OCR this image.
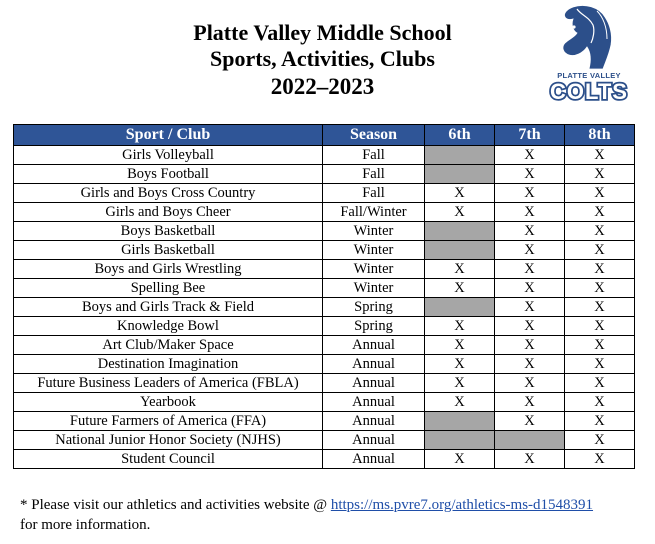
Platte Valley Middle School
Sports, Activities, Clubs
2022–2023	PLATTE VALLEY
COLTS
Sport / Club	Season	6th	7th	8th
Girls Volleyball	Fall		X	X
Boys Football	Fall		X	X
Girls and Boys Cross Country	Fall	X	X	X
Girls and Boys Cheer	Fall/Winter	X	X	X
Boys Basketball	Winter		X	X
Girls Basketball	Winter		X	X
Boys and Girls Wrestling	Winter	X	X	X
Spelling Bee	Winter	X	X	X
Boys and Girls Track & Field	Spring		X	X
Knowledge Bowl	Spring	X	X	X
Art Club/Maker Space	Annual	X	X	X
Destination Imagination	Annual	X	X	X
Future Business Leaders of America (FBLA)	Annual	X	X	X
Yearbook	Annual	X	X	X
Future Farmers of America (FFA)	Annual		X	X
National Junior Honor Society (NJHS)	Annual			X
Student Council	Annual	X	X	X
* Please visit our athletics and activities website @ https://ms.pvre7.org/athletics-ms-d1548391
for more information.
